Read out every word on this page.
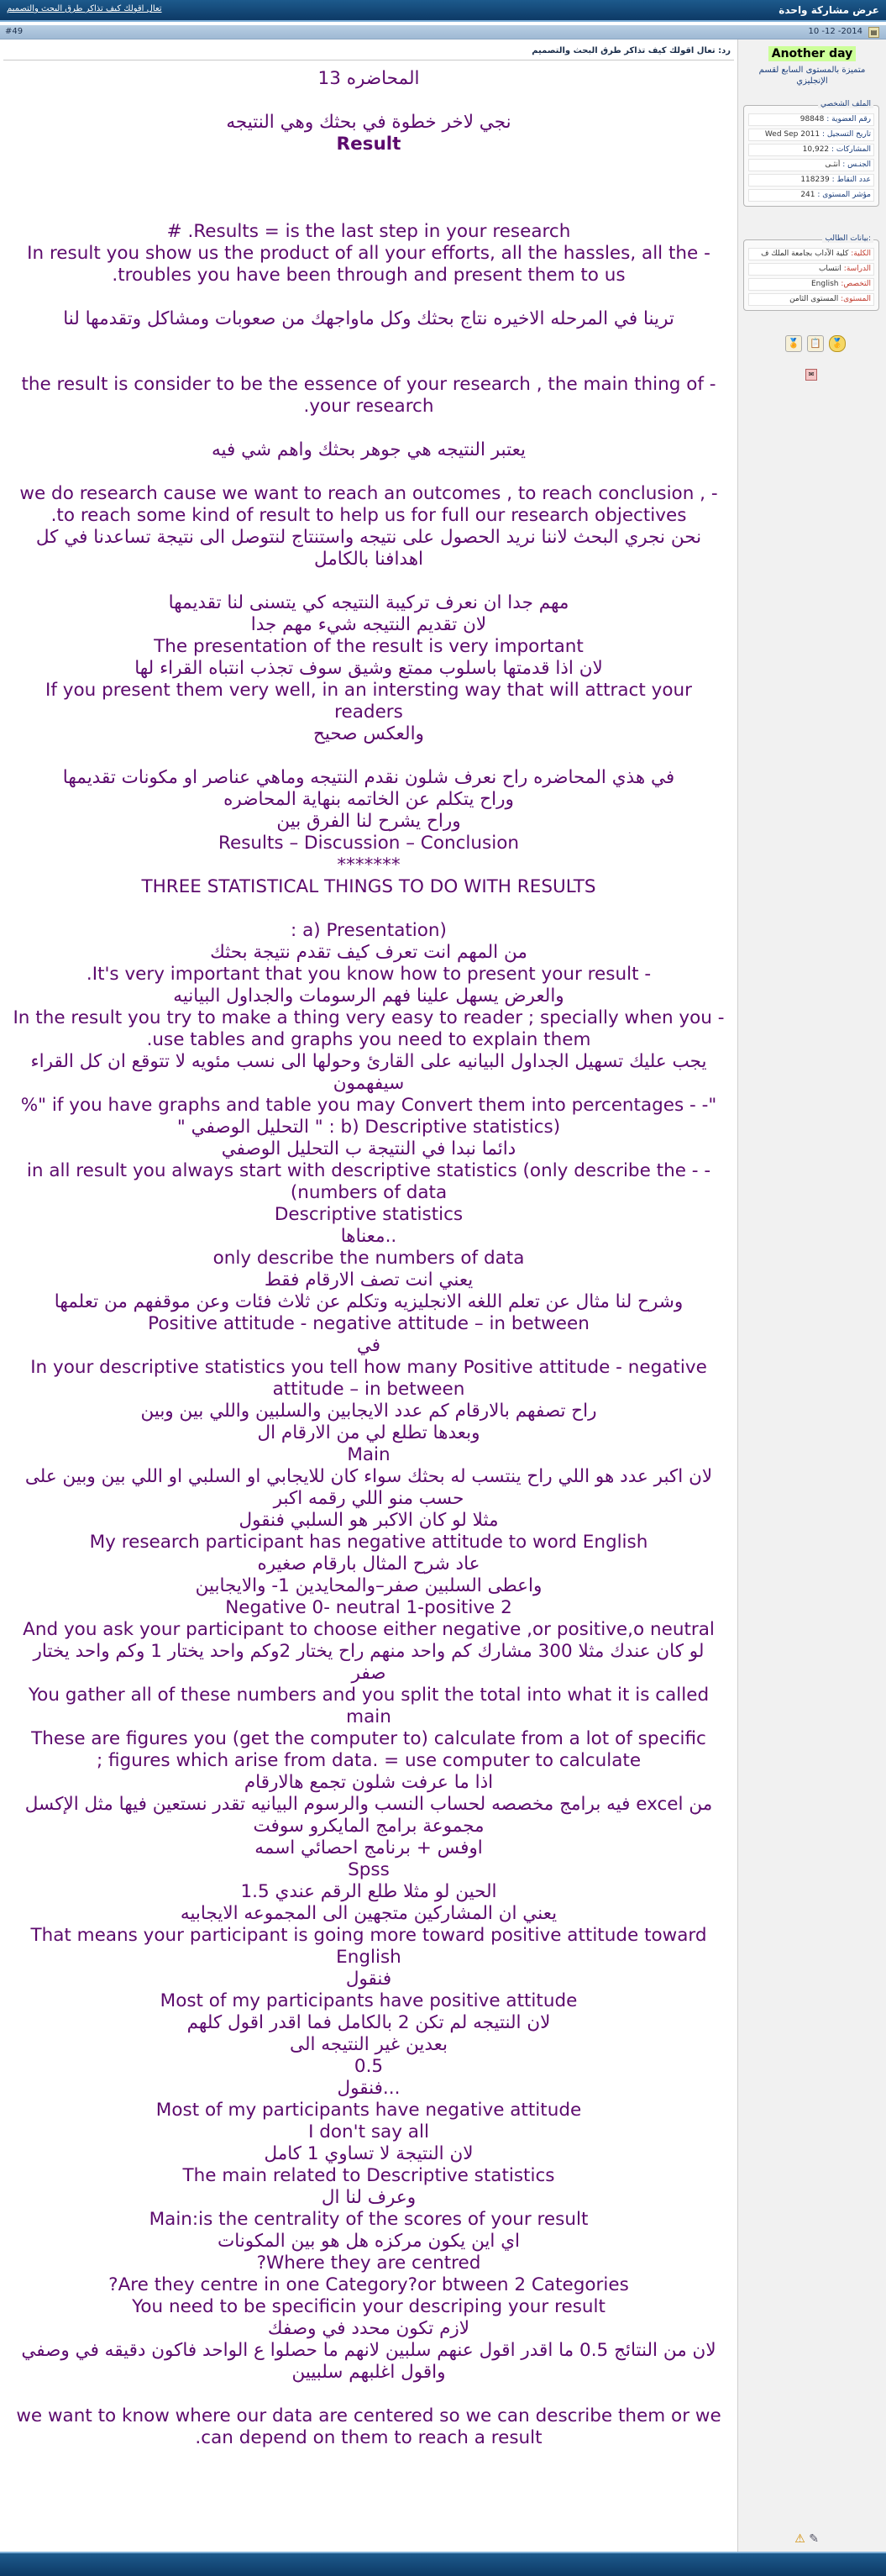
عرض مشاركة واحدة
تعال اقولك كيف تذاكر طرق البحث والتصميم
▤
10 -12 -2014
#49
Another day
متميزة بالمستوى السابع لقسم الإنجليزي
الملف الشخصي
رقم العضوية : 98848
تاريخ التسجيل : Wed Sep 2011
المشاركات : 10,922
الجنـس : أنثـى
عدد النقاط : 118239
مؤشر المستوى : 241
بيانات الطالب:
الكلية: كلية الآداب بجامعة الملك ف
الدراسة: انتساب
التخصص: English
المستوى: المستوى الثامن
🏅 📋 🥇
✉
رد: تعال اقولك كيف تذاكر طرق البحث والتصميم
المحاضره 13
نجي لاخر خطوة في بحثك وهي النتيجه
Result
# .Results = is the last step in your research
In result you show us the product of all your efforts, all the hassles, all the -
.troubles you have been through and present them to us
ترينا في المرحله الاخيره نتاج بحثك وكل ماواجهك من صعوبات ومشاكل وتقدمها لنا
the result is consider to be the essence of your research , the main thing of -
.your research
يعتبر النتيجه هي جوهر بحثك واهم شي فيه
we do research cause we want to reach an outcomes , to reach conclusion , -
.to reach some kind of result to help us for full our research objectives
نحن نجري البحث لاننا نريد الحصول على نتيجه واستنتاج لنتوصل الى نتيجة تساعدنا في كل
اهدافنا بالكامل
مهم جدا ان نعرف تركيبة النتيجه كي يتسنى لنا تقديمها
لان تقديم النتيجه شيء مهم جدا
The presentation of the result is very important
لان اذا قدمتها باسلوب ممتع وشيق سوف تجذب انتباه القراء لها
If you present them very well, in an intersting way that will attract your
readers
والعكس صحيح
في هذي المحاضره راح نعرف شلون نقدم النتيجه وماهي عناصر او مكونات تقديمها
وراح يتكلم عن الخاتمه بنهاية المحاضره
وراح يشرح لنا الفرق بين
Results – Discussion – Conclusion
*******
THREE STATISTICAL THINGS TO DO WITH RESULTS
: a) Presentation)
من المهم انت تعرف كيف تقدم نتيجة بحثك
.It's very important that you know how to present your result -
والعرض يسهل علينا فهم الرسومات والجداول البيانيه
In the result you try to make a thing very easy to reader ; specially when you -
.use tables and graphs you need to explain them
يجب عليك تسهيل الجداول البيانيه على القارئ وحولها الى نسب مئويه لا تتوقع ان كل القراء
سيفهمون
%" if you have graphs and table you may Convert them into percentages - -"
" التحليل الوصفي " : b) Descriptive statistics)
دائما نبدا في النتيجة ب التحليل الوصفي
in all result you always start with descriptive statistics (only describe the - -
(numbers of data
Descriptive statistics
معناها..
only describe the numbers of data
يعني انت تصف الارقام فقط
وشرح لنا مثال عن تعلم اللغه الانجليزيه وتكلم عن ثلاث فئات وعن موقفهم من تعلمها
Positive attitude - negative attitude – in between
في
In your descriptive statistics you tell how many Positive attitude - negative
attitude – in between
راح تصفهم بالارقام كم عدد الايجابين والسلبين واللي بين وبين
وبعدها تطلع لي من الارقام ال
Main
لان اكبر عدد هو اللي راح ينتسب له بحثك سواء كان للايجابي او السلبي او اللي بين وبين على
حسب منو اللي رقمه اكبر
مثلا لو كان الاكبر هو السلبي فنقول
My research participant has negative attitude to word English
عاد شرح المثال بارقام صغيره
واعطى السلبين صفر–والمحايدين 1- والايجابين
Negative 0- neutral 1-positive 2
And you ask your participant to choose either negative ,or positive,o neutral
لو كان عندك مثلا 300 مشارك كم واحد منهم راح يختار 2وكم واحد يختار 1 وكم واحد يختار
صفر
You gather all of these numbers and you split the total into what it is called
main
These are figures you (get the computer to) calculate from a lot of specific
; figures which arise from data. = use computer to calculate
اذا ما عرفت شلون تجمع هالارقام
فيه برامج مخصصه لحساب النسب والرسوم البيانيه تقدر نستعين فيها مثل الإكسل excel من
مجموعة برامج المايكرو سوفت
اوفس + برنامج احصائي اسمه
Spss
الحين لو مثلا طلع الرقم عندي 1.5
يعني ان المشاركين متجهين الى المجموعه الايجابيه
That means your participant is going more toward positive attitude toward
English
فنقول
Most of my participants have positive attitude
لان النتيجه لم تكن 2 بالكامل فما اقدر اقول كلهم
بعدين غير النتيجه الى
0.5
فنقول...
Most of my participants have negative attitude
I don't say all
لان النتيجة لا تساوي 1 كامل
The main related to Descriptive statistics
وعرف لنا ال
Main:is the centrality of the scores of your result
اي اين يكون مركزه هل هو بين المكونات
?Where they are centred
?Are they centre in one Category?or btween 2 Categories
You need to be specificin your descriping your result
لازم تكون محدد في وصفك
لان من النتائج 0.5 ما اقدر اقول عنهم سلبين لانهم ما حصلوا ع الواحد فاكون دقيقه في وصفي
واقول اغلبهم سلبيين
we want to know where our data are centered so we can describe them or we
.can depend on them to reach a result
⚠ ✎
